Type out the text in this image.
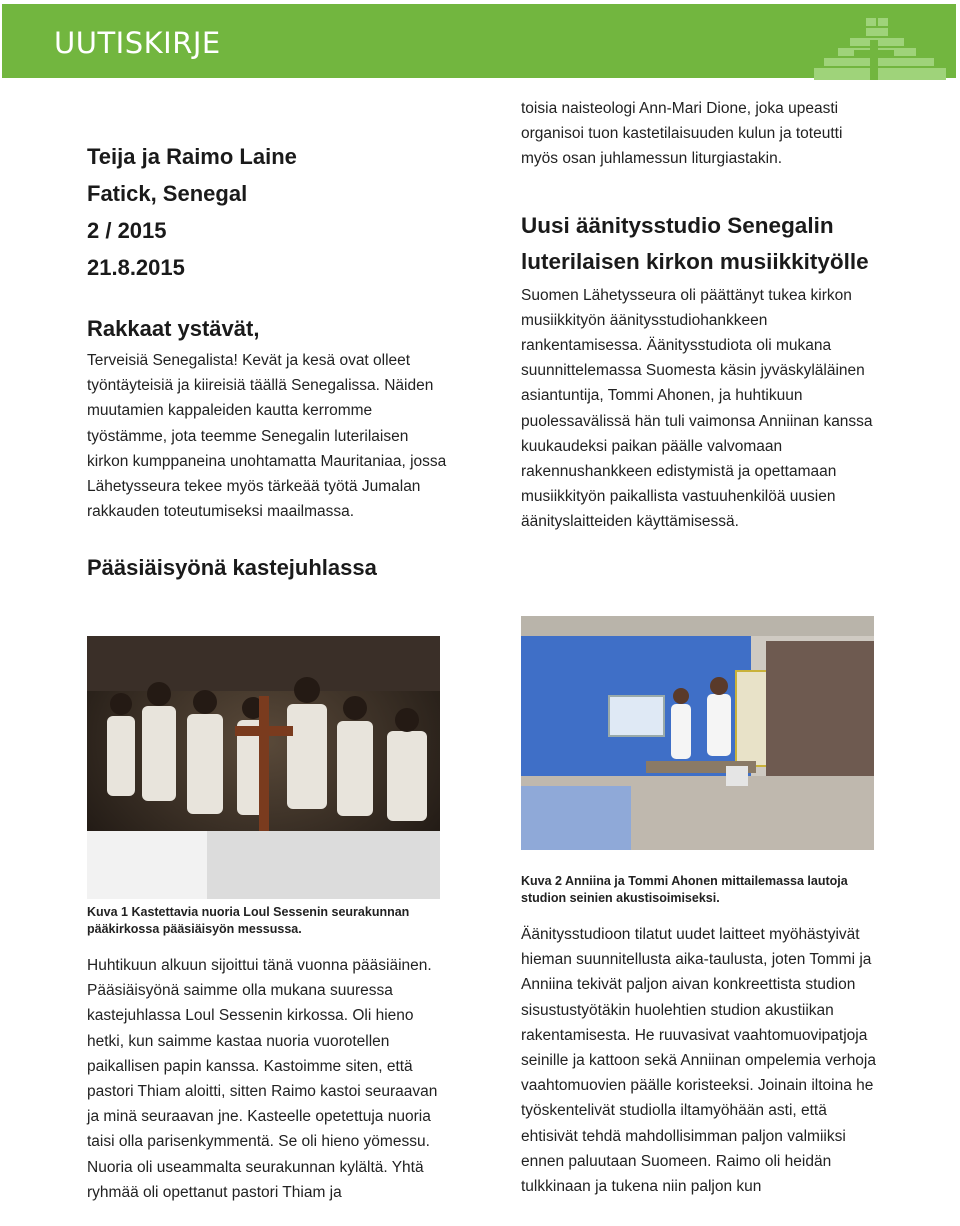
UUTISKIRJE
Teija ja Raimo Laine
Fatick, Senegal
2 / 2015
21.8.2015
Rakkaat ystävät,

Terveisiä Senegalista! Kevät ja kesä ovat olleet työntäyteisiä ja kiireisiä täällä Senegalissa. Näiden muutamien kappaleiden kautta kerromme työstämme, jota teemme Senegalin luterilaisen kirkon kumppaneina unohtamatta Mauritaniaa, jossa Lähetysseura tekee myös tärkeää työtä Jumalan rakkauden toteutumiseksi maailmassa.

Pääsiäisyönä kastejuhlassa
Kuva 1 Kastettavia nuoria Loul Sessenin seurakunnan pääkirkossa pääsiäisyön messussa.

Huhtikuun alkuun sijoittui tänä vuonna pääsiäinen. Pääsiäisyönä saimme olla mukana suuressa kastejuhlassa Loul Sessenin kirkossa. Oli hieno hetki, kun saimme kastaa nuoria vuorotellen paikallisen papin kanssa. Kastoimme siten, että pastori Thiam aloitti, sitten Raimo kastoi seuraavan ja minä seuraavan jne. Kasteelle opetettuja nuoria taisi olla parisenkymmentä. Se oli hieno yömessu. Nuoria oli useammalta seurakunnan kylältä. Yhtä ryhmää oli opettanut pastori Thiam ja

toisia naisteologi Ann-Mari Dione, joka upeasti organisoi tuon kastetilaisuuden kulun ja toteutti myös osan juhlamessun liturgiastakin.

Uusi äänitysstudio Senegalin luterilaisen kirkon musiikkityölle

Suomen Lähetysseura oli päättänyt tukea kirkon musiikkityön äänitysstudiohankkeen rankentamisessa. Äänitysstudiota oli mukana suunnittelemassa Suomesta käsin jyväskyläläinen asiantuntija, Tommi Ahonen, ja huhtikuun puolessavälissä hän tuli vaimonsa Anniinan kanssa kuukaudeksi paikan päälle valvomaan rakennushankkeen edistymistä ja opettamaan musiikkityön paikallista vastuuhenkilöä uusien äänityslaitteiden käyttämisessä.

Kuva 2 Anniina ja Tommi Ahonen mittailemassa lautoja studion seinien akustisoimiseksi.

Äänitysstudioon tilatut uudet laitteet myöhästyivät hieman suunnitellusta aika-taulusta, joten Tommi ja Anniina tekivät paljon aivan konkreettista studion sisustustyötäkin huolehtien studion akustiikan rakentamisesta. He ruuvasivat vaahtomuovipatjoja seinille ja kattoon sekä Anniinan ompelemia verhoja vaahtomuovien päälle koristeeksi. Joinain iltoina he työskentelivät studiolla iltamyöhään asti, että ehtisivät tehdä mahdollisimman paljon valmiiksi ennen paluutaan Suomeen. Raimo oli heidän tulkkinaan ja tukena niin paljon kun
